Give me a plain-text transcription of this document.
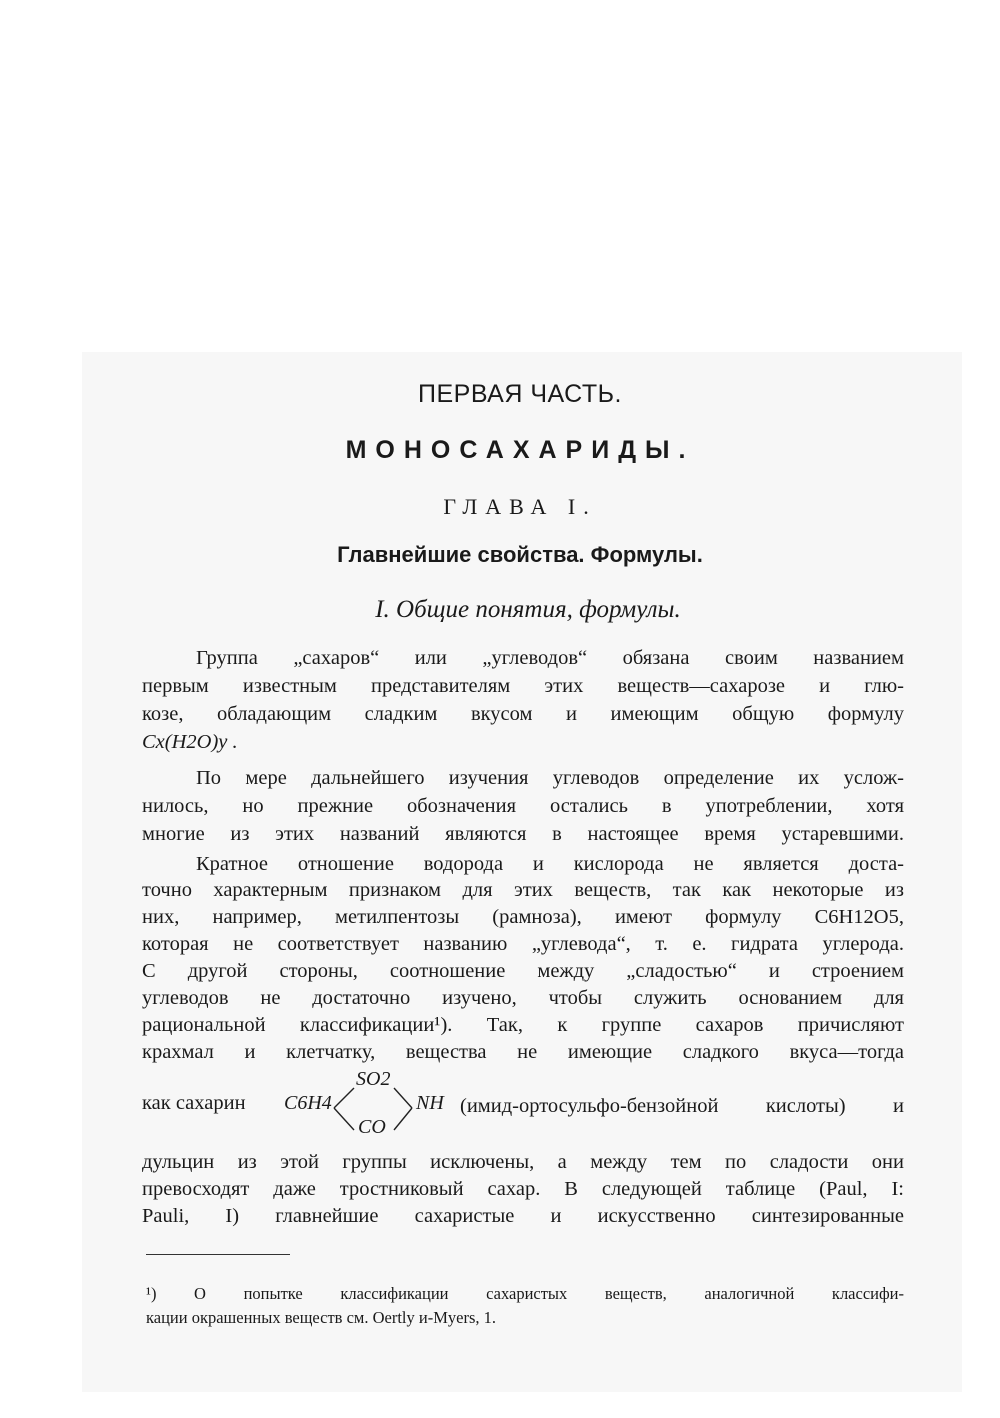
ПЕРВАЯ ЧАСТЬ.
МОНОСАХАРИДЫ.
ГЛАВА I.
Главнейшие свойства. Формулы.
I. Общие понятия, формулы.
Группа „сахаров“ или „углеводов“ обязана своим названием
первым известным представителям этих веществ—сахарозе и глю-
козе, обладающим сладким вкусом и имеющим общую формулу
Cx(H2O)y .
По мере дальнейшего изучения углеводов определение их услож-
нилось, но прежние обозначения остались в употреблении, хотя
многие из этих названий являются в настоящее время устаревшими.
Кратное отношение водорода и кислорода не является доста-
точно характерным признаком для этих веществ, так как некоторые из
них, например, метилпентозы (рамноза), имеют формулу C6H12O5,
которая не соответствует названию „углевода“, т. е. гидрата углерода.
С другой стороны, соотношение между „сладостью“ и строением
углеводов не достаточно изучено, чтобы служить основанием для
рациональной классификации¹). Так, к группе сахаров причисляют
крахмал и клетчатку, вещества не имеющие сладкого вкуса—тогда
как сахарин C6H4
SO2
CO
NH (имид-ортосульфо-бензойной кислоты) и
дульцин из этой группы исключены, а между тем по сладости они
превосходят даже тростниковый сахар. В следующей таблице (Paul, I:
Pauli, I) главнейшие сахаристые и искусственно синтезированные
¹) О попытке классификации сахаристых веществ, аналогичной классифи-
кации окрашенных веществ см. Oertly и-Myers, 1.
